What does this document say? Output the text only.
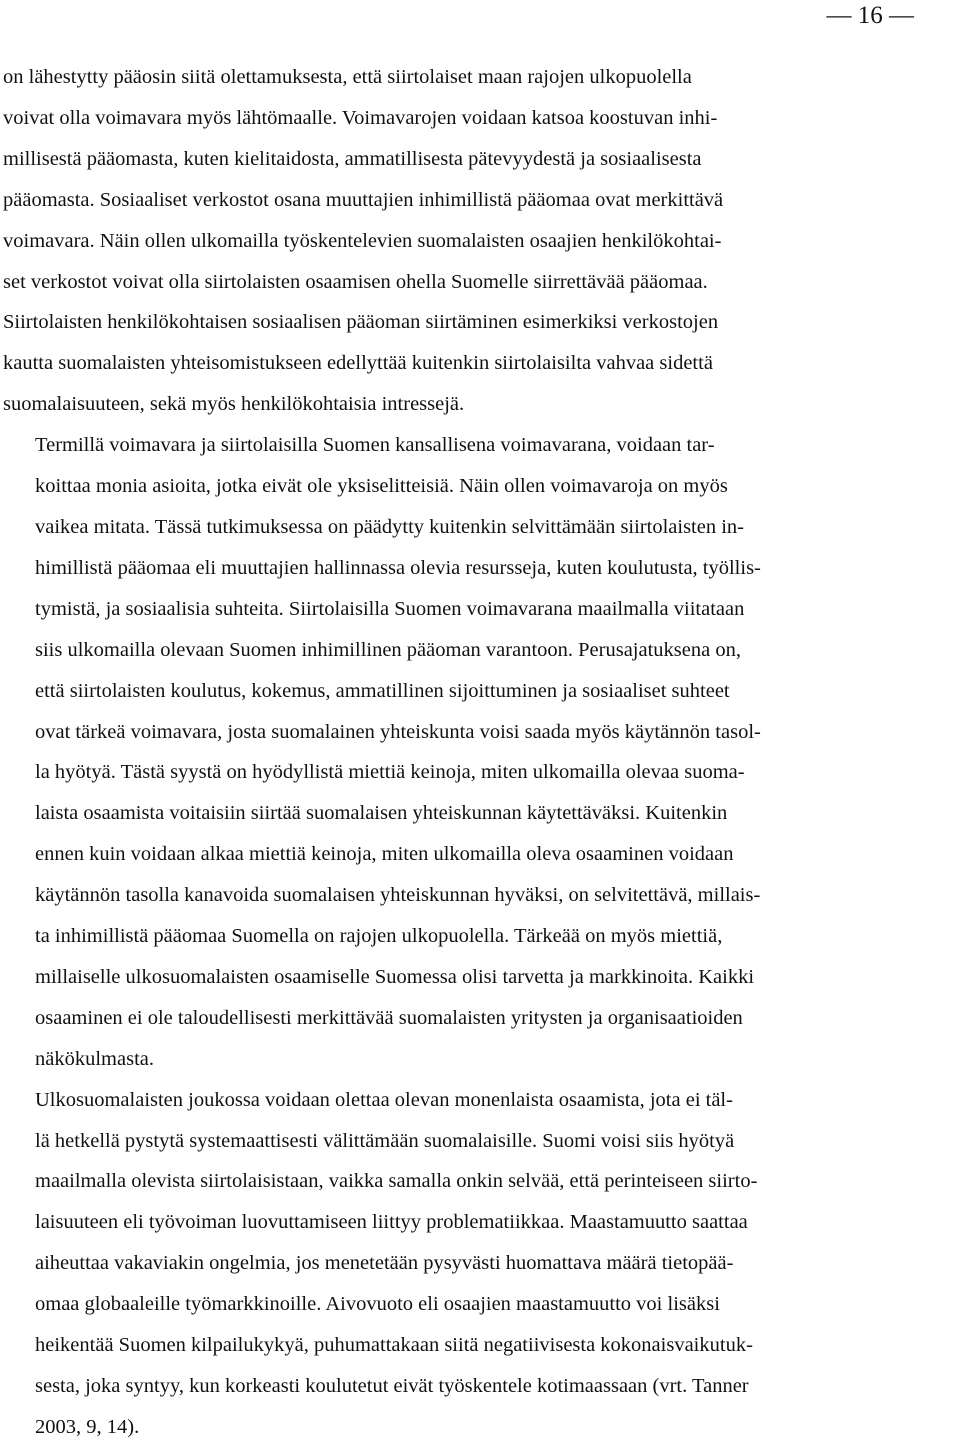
— 16 —

on lähestytty pääosin siitä olettamuksesta, että siirtolaiset maan rajojen ulkopuolella
voivat olla voimavara myös lähtömaalle. Voimavarojen voidaan katsoa koostuvan inhi-
millisestä pääomasta, kuten kielitaidosta, ammatillisesta pätevyydestä ja sosiaalisesta
pääomasta. Sosiaaliset verkostot osana muuttajien inhimillistä pääomaa ovat merkittävä
voimavara. Näin ollen ulkomailla työskentelevien suomalaisten osaajien henkilökohtai-
set verkostot voivat olla siirtolaisten osaamisen ohella Suomelle siirrettävää pääomaa.
Siirtolaisten henkilökohtaisen sosiaalisen pääoman siirtäminen esimerkiksi verkostojen
kautta suomalaisten yhteisomistukseen edellyttää kuitenkin siirtolaisilta vahvaa sidettä
suomalaisuuteen, sekä myös henkilökohtaisia intressejä.

Termillä voimavara ja siirtolaisilla Suomen kansallisena voimavarana, voidaan tar-
koittaa monia asioita, jotka eivät ole yksiselitteisiä. Näin ollen voimavaroja on myös
vaikea mitata. Tässä tutkimuksessa on päädytty kuitenkin selvittämään siirtolaisten in-
himillistä pääomaa eli muuttajien hallinnassa olevia resursseja, kuten koulutusta, työllis-
tymistä, ja sosiaalisia suhteita. Siirtolaisilla Suomen voimavarana maailmalla viitataan
siis ulkomailla olevaan Suomen inhimillinen pääoman varantoon. Perusajatuksena on,
että siirtolaisten koulutus, kokemus, ammatillinen sijoittuminen ja sosiaaliset suhteet
ovat tärkeä voimavara, josta suomalainen yhteiskunta voisi saada myös käytännön tasol-
la hyötyä. Tästä syystä on hyödyllistä miettiä keinoja, miten ulkomailla olevaa suoma-
laista osaamista voitaisiin siirtää suomalaisen yhteiskunnan käytettäväksi. Kuitenkin
ennen kuin voidaan alkaa miettiä keinoja, miten ulkomailla oleva osaaminen voidaan
käytännön tasolla kanavoida suomalaisen yhteiskunnan hyväksi, on selvitettävä, millais-
ta inhimillistä pääomaa Suomella on rajojen ulkopuolella. Tärkeää on myös miettiä,
millaiselle ulkosuomalaisten osaamiselle Suomessa olisi tarvetta ja markkinoita. Kaikki
osaaminen ei ole taloudellisesti merkittävää suomalaisten yritysten ja organisaatioiden
näkökulmasta.

Ulkosuomalaisten joukossa voidaan olettaa olevan monenlaista osaamista, jota ei täl-
lä hetkellä pystytä systemaattisesti välittämään suomalaisille. Suomi voisi siis hyötyä
maailmalla olevista siirtolaisistaan, vaikka samalla onkin selvää, että perinteiseen siirto-
laisuuteen eli työvoiman luovuttamiseen liittyy problematiikkaa. Maastamuutto saattaa
aiheuttaa vakaviakin ongelmia, jos menetetään pysyvästi huomattava määrä tietopää-
omaa globaaleille työmarkkinoille. Aivovuoto eli osaajien maastamuutto voi lisäksi
heikentää Suomen kilpailukykyä, puhumattakaan siitä negatiivisesta kokonaisvaikutuk-
sesta, joka syntyy, kun korkeasti koulutetut eivät työskentele kotimaassaan (vrt. Tanner
2003, 9, 14).
